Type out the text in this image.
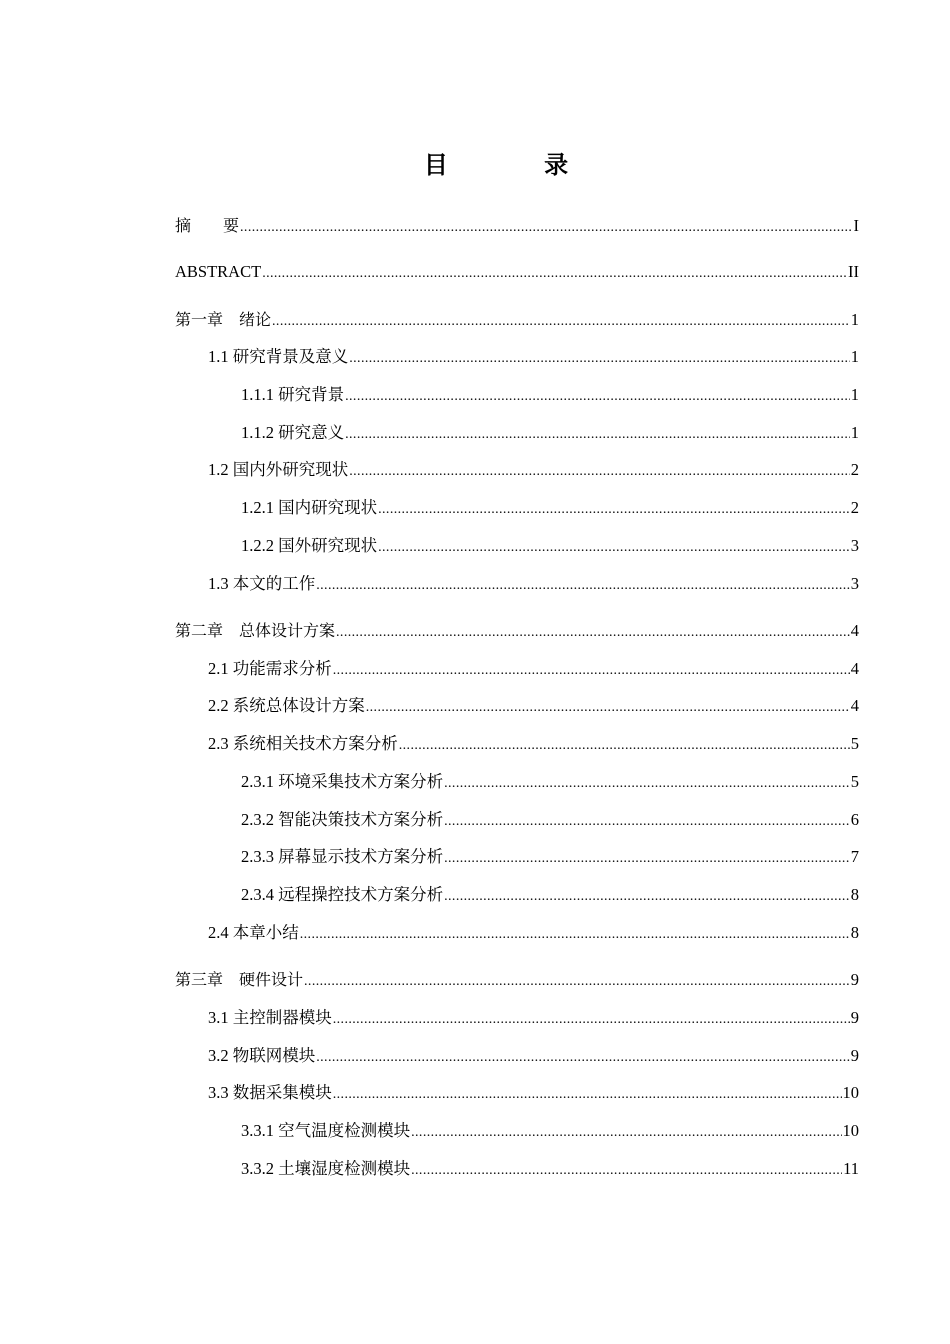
目 录
摘　　要 .....	I
ABSTRACT .....	II
第一章　绪论 .....	1
1.1 研究背景及意义 .....	1
1.1.1 研究背景 .....	1
1.1.2 研究意义 .....	1
1.2 国内外研究现状 .....	2
1.2.1 国内研究现状 .....	2
1.2.2 国外研究现状 .....	3
1.3 本文的工作 .....	3
第二章　总体设计方案 .....	4
2.1 功能需求分析 .....	4
2.2 系统总体设计方案 .....	4
2.3 系统相关技术方案分析 .....	5
2.3.1 环境采集技术方案分析 .....	5
2.3.2 智能决策技术方案分析 .....	6
2.3.3 屏幕显示技术方案分析 .....	7
2.3.4 远程操控技术方案分析 .....	8
2.4 本章小结 .....	8
第三章　硬件设计 .....	9
3.1 主控制器模块 .....	9
3.2 物联网模块 .....	9
3.3 数据采集模块 .....	10
3.3.1 空气温度检测模块 .....	10
3.3.2 土壤湿度检测模块 .....	11
